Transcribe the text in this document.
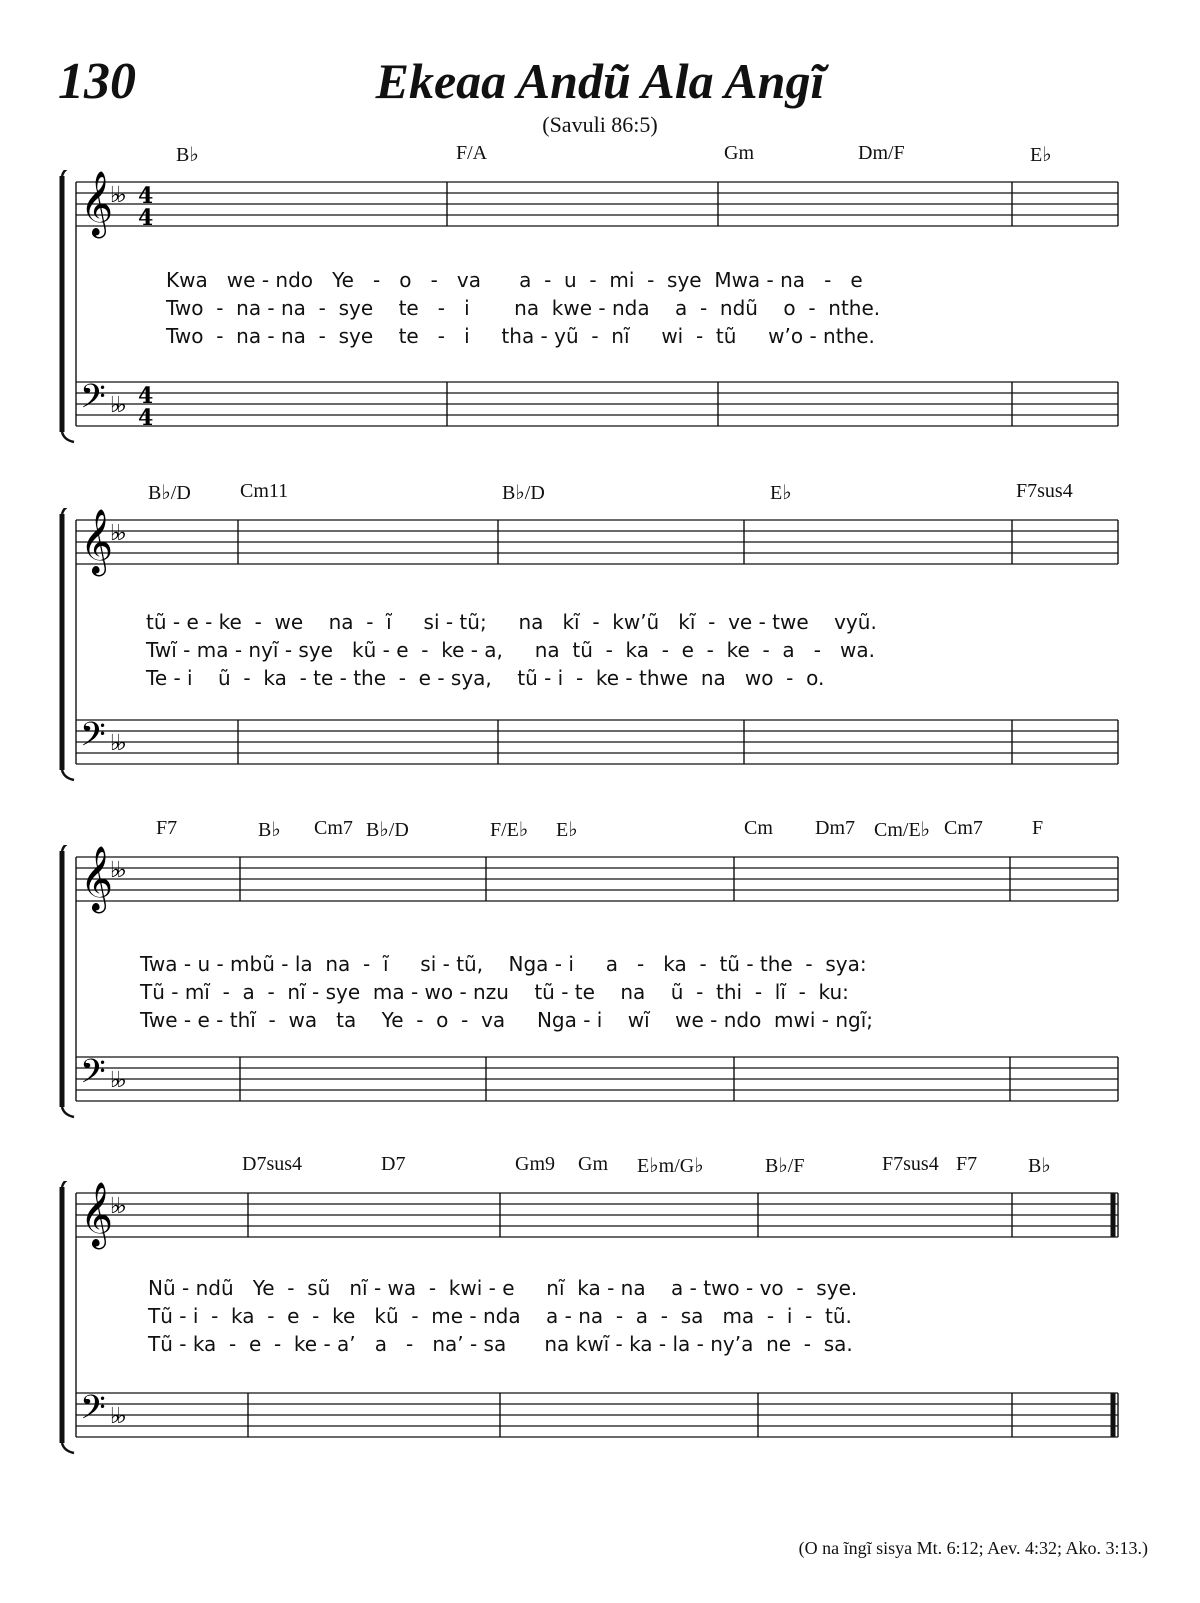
130	Ekeaa Andũ Ala Angĩ
(Savuli 86:5)
B♭	F/A	Gm	Dm/F	E♭
𝄞
♭♭ 4
4
𝄢 ♭♭ 4
4
Kwa   we - ndo   Ye   -   o   -   va      a  -  u  -  mi  -  sye  Mwa - na   -   e
Two  -  na - na  -  sye    te   -   i       na  kwe - nda    a  -  ndũ    o  -  nthe.
Two  -  na - na  -  sye    te   -   i     tha - yũ  -  nĩ     wi  -  tũ     w’o - nthe.
B♭/D Cm11	B♭/D	E♭	F7sus4
𝄞
♭♭
𝄢 ♭♭
tũ - e - ke  -  we    na  -  ĩ     si - tũ;     na   kĩ  -  kw’ũ   kĩ  -  ve - twe    vyũ.
Twĩ - ma - nyĩ - sye   kũ - e  -  ke - a,     na  tũ  -  ka  -  e  -  ke  -  a   -   wa.
Te - i    ũ  -  ka  - te - the  -  e - sya,    tũ - i  -  ke - thwe  na   wo  -  o.
F7	B♭ Cm7 B♭/D	F/E♭ E♭	Cm Dm7 Cm/E♭ Cm7 F
𝄞
♭♭
𝄢 ♭♭
Twa - u - mbũ - la  na  -  ĩ     si - tũ,    Nga - i     a   -   ka  -  tũ - the  -  sya:
Tũ - mĩ  -  a  -  nĩ - sye  ma - wo - nzu    tũ - te    na    ũ  -  thi  -  lĩ  -  ku:
Twe - e - thĩ  -  wa   ta    Ye  -  o  -  va     Nga - i    wĩ    we - ndo  mwi - ngĩ;
D7sus4	D7	Gm9 Gm E♭m/G♭	B♭/F	F7sus4 F7	B♭
𝄞
♭♭
𝄢 ♭♭
Nũ - ndũ   Ye  -  sũ   nĩ - wa  -  kwi - e     nĩ  ka - na    a - two - vo  -  sye.
Tũ - i  -  ka  -  e  -  ke   kũ  -  me - nda    a - na  -  a  -  sa   ma  -  i  -  tũ.
Tũ - ka  -  e  -  ke - a’   a   -   na’ - sa      na kwĩ - ka - la - ny’a  ne  -  sa.
(O na ĩngĩ sisya Mt. 6:12; Aev. 4:32; Ako. 3:13.)
